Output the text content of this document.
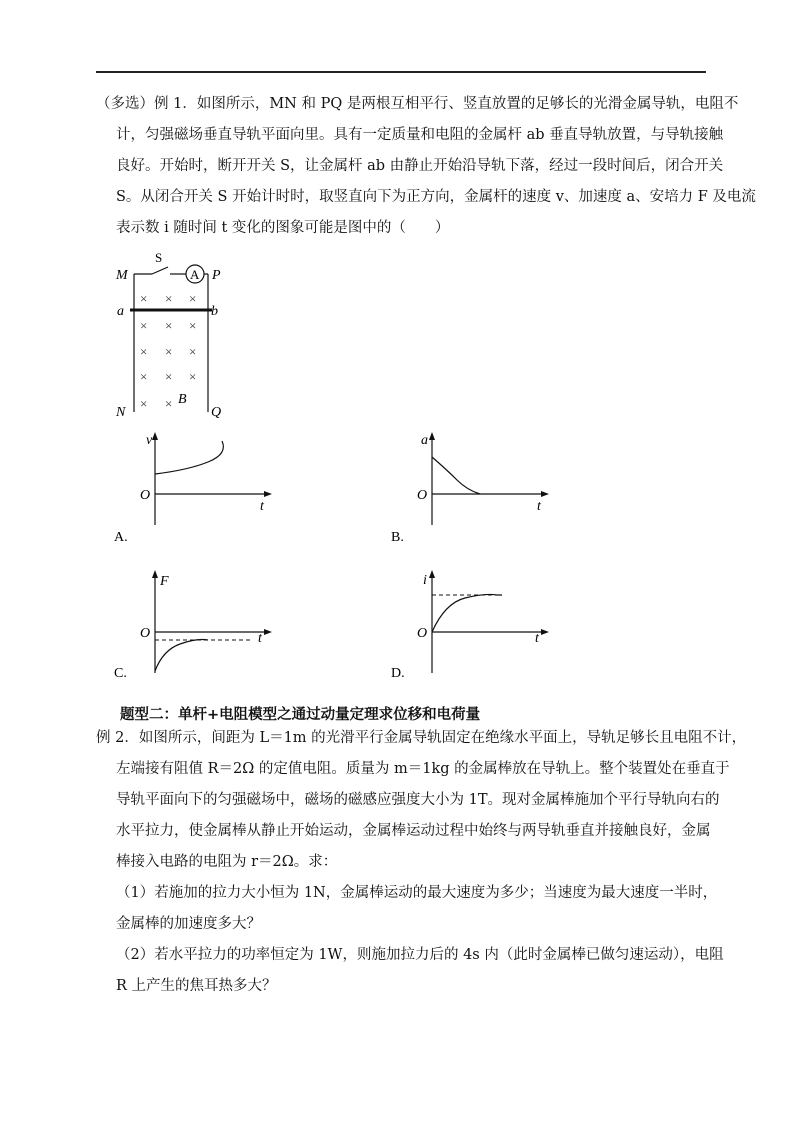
（多选）例 1．如图所示，MN 和 PQ 是两根互相平行、竖直放置的足够长的光滑金属导轨，电阻不
计，匀强磁场垂直导轨平面向里。具有一定质量和电阻的金属杆 ab 垂直导轨放置，与导轨接触
良好。开始时，断开开关 S，让金属杆 ab 由静止开始沿导轨下落，经过一段时间后，闭合开关
S。从闭合开关 S 开始计时时，取竖直向下为正方向，金属杆的速度 v、加速度 a、安培力 F 及电流
表示数 i 随时间 t 变化的图象可能是图中的（　　）
M	P
N	Q
a	b
S
A
B
× × ×
× × ×
× × ×
× × ×
× ×
v
t
O
A.
a
t
O
B.
F
t
O
C.
i
t
O
D.
题型二：单杆+电阻模型之通过动量定理求位移和电荷量
例 2．如图所示，间距为 L＝1m 的光滑平行金属导轨固定在绝缘水平面上，导轨足够长且电阻不计，
左端接有阻值 R＝2Ω 的定值电阻。质量为 m＝1kg 的金属棒放在导轨上。整个装置处在垂直于
导轨平面向下的匀强磁场中，磁场的磁感应强度大小为 1T。现对金属棒施加个平行导轨向右的
水平拉力，使金属棒从静止开始运动，金属棒运动过程中始终与两导轨垂直并接触良好，金属
棒接入电路的电阻为 r＝2Ω。求：
（1）若施加的拉力大小恒为 1N，金属棒运动的最大速度为多少；当速度为最大速度一半时，
金属棒的加速度多大？
（2）若水平拉力的功率恒定为 1W，则施加拉力后的 4s 内（此时金属棒已做匀速运动），电阻
R 上产生的焦耳热多大？
